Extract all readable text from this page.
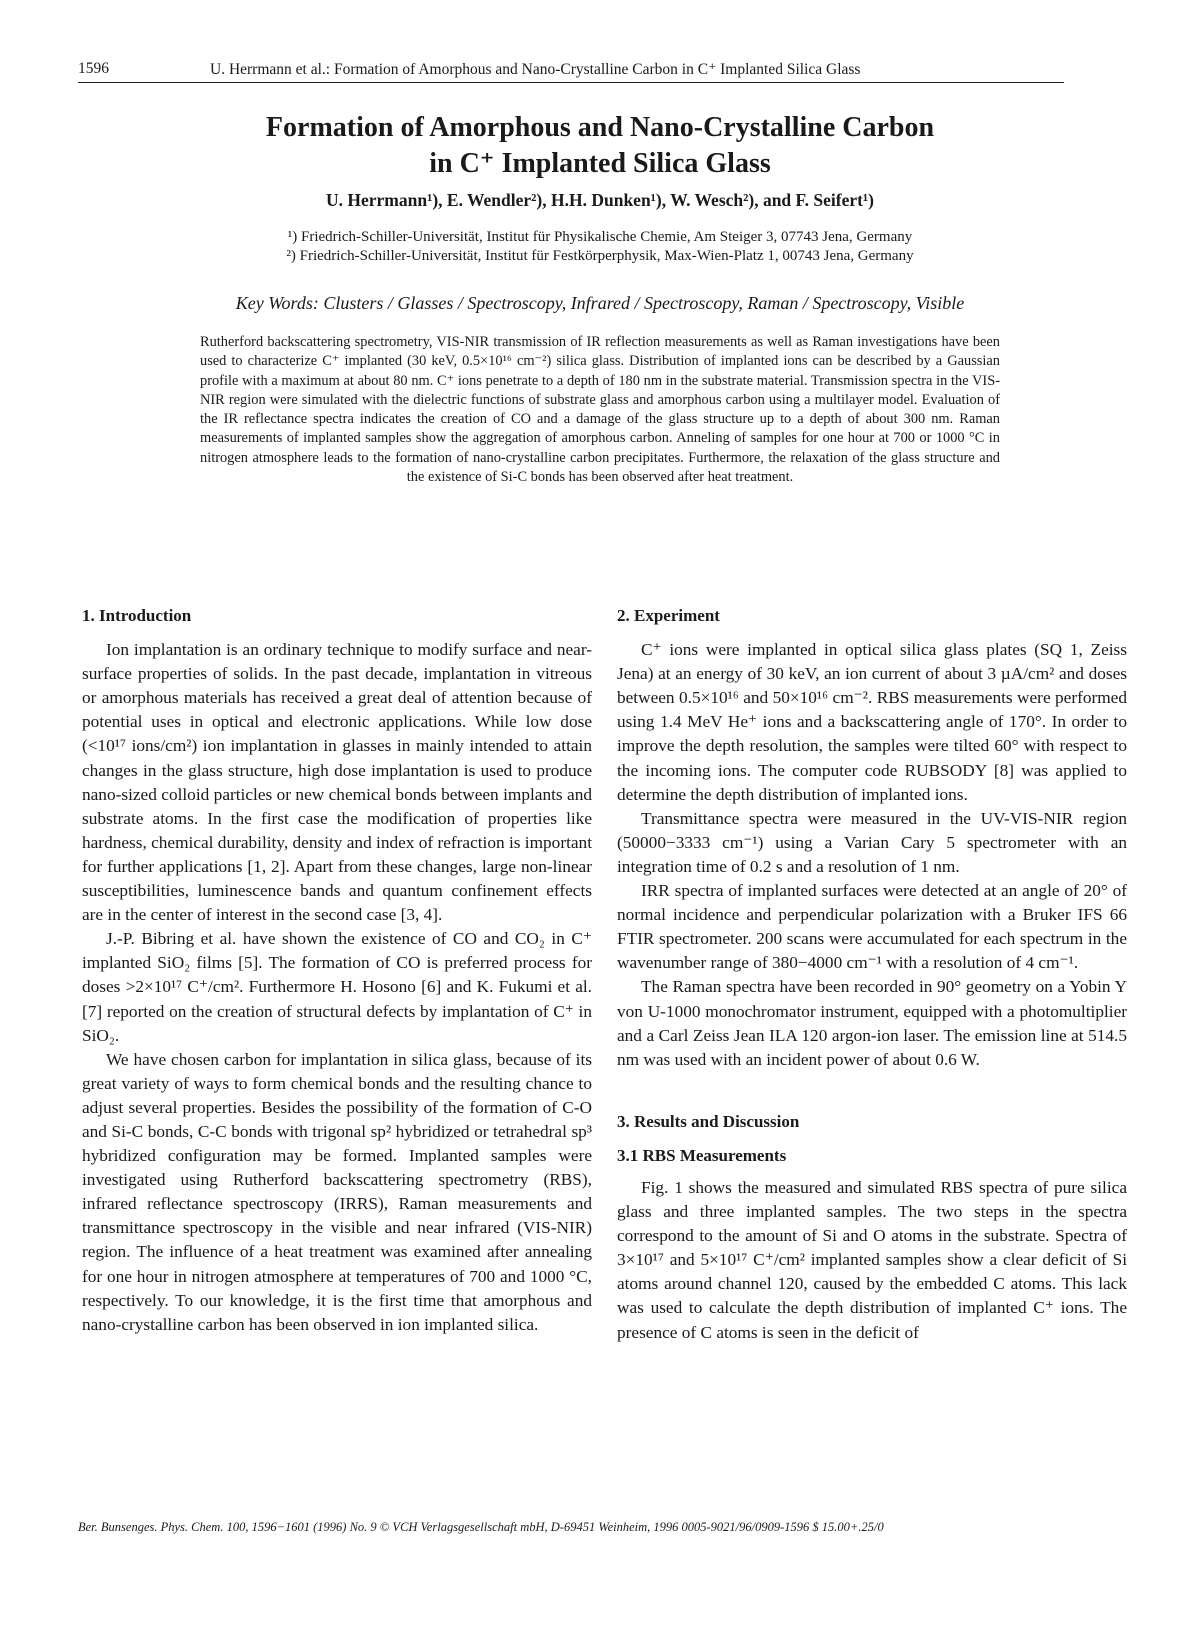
1596	U. Herrmann et al.: Formation of Amorphous and Nano-Crystalline Carbon in C⁺ Implanted Silica Glass
Formation of Amorphous and Nano-Crystalline Carbon
in C⁺ Implanted Silica Glass
U. Herrmann¹), E. Wendler²), H.H. Dunken¹), W. Wesch²), and F. Seifert¹)
¹) Friedrich-Schiller-Universität, Institut für Physikalische Chemie, Am Steiger 3, 07743 Jena, Germany
²) Friedrich-Schiller-Universität, Institut für Festkörperphysik, Max-Wien-Platz 1, 00743 Jena, Germany
Key Words: Clusters / Glasses / Spectroscopy, Infrared / Spectroscopy, Raman / Spectroscopy, Visible
Rutherford backscattering spectrometry, VIS-NIR transmission of IR reflection measurements as well as Raman investigations have been used to characterize C⁺ implanted (30 keV, 0.5×10¹⁶ cm⁻²) silica glass. Distribution of implanted ions can be described by a Gaussian profile with a maximum at about 80 nm. C⁺ ions penetrate to a depth of 180 nm in the substrate material. Transmission spectra in the VIS-NIR region were simulated with the dielectric functions of substrate glass and amorphous carbon using a multilayer model. Evaluation of the IR reflectance spectra indicates the creation of CO and a damage of the glass structure up to a depth of about 300 nm. Raman measurements of implanted samples show the aggregation of amorphous carbon. Anneling of samples for one hour at 700 or 1000 °C in nitrogen atmosphere leads to the formation of nano-crystalline carbon precipitates. Furthermore, the relaxation of the glass structure and the existence of Si-C bonds has been observed after heat treatment.
1. Introduction

Ion implantation is an ordinary technique to modify surface and near-surface properties of solids. In the past decade, implantation in vitreous or amorphous materials has received a great deal of attention because of potential uses in optical and electronic applications. While low dose (<10¹⁷ ions/cm²) ion implantation in glasses in mainly intended to attain changes in the glass structure, high dose implantation is used to produce nano-sized colloid particles or new chemical bonds between implants and substrate atoms. In the first case the modification of properties like hardness, chemical durability, density and index of refraction is important for further applications [1, 2]. Apart from these changes, large non-linear susceptibilities, luminescence bands and quantum confinement effects are in the center of interest in the second case [3, 4].

J.-P. Bibring et al. have shown the existence of CO and CO₂ in C⁺ implanted SiO₂ films [5]. The formation of CO is preferred process for doses >2×10¹⁷ C⁺/cm². Furthermore H. Hosono [6] and K. Fukumi et al. [7] reported on the creation of structural defects by implantation of C⁺ in SiO₂.

We have chosen carbon for implantation in silica glass, because of its great variety of ways to form chemical bonds and the resulting chance to adjust several properties. Besides the possibility of the formation of C-O and Si-C bonds, C-C bonds with trigonal sp² hybridized or tetrahedral sp³ hybridized configuration may be formed. Implanted samples were investigated using Rutherford backscattering spectrometry (RBS), infrared reflectance spectroscopy (IRRS), Raman measurements and transmittance spectroscopy in the visible and near infrared (VIS-NIR) region. The influence of a heat treatment was examined after annealing for one hour in nitrogen atmosphere at temperatures of 700 and 1000 °C, respectively. To our knowledge, it is the first time that amorphous and nano-crystalline carbon has been observed in ion implanted silica.

2. Experiment

C⁺ ions were implanted in optical silica glass plates (SQ 1, Zeiss Jena) at an energy of 30 keV, an ion current of about 3 µA/cm² and doses between 0.5×10¹⁶ and 50×10¹⁶ cm⁻². RBS measurements were performed using 1.4 MeV He⁺ ions and a backscattering angle of 170°. In order to improve the depth resolution, the samples were tilted 60° with respect to the incoming ions. The computer code RUBSODY [8] was applied to determine the depth distribution of implanted ions.

Transmittance spectra were measured in the UV-VIS-NIR region (50000−3333 cm⁻¹) using a Varian Cary 5 spectrometer with an integration time of 0.2 s and a resolution of 1 nm.

IRR spectra of implanted surfaces were detected at an angle of 20° of normal incidence and perpendicular polarization with a Bruker IFS 66 FTIR spectrometer. 200 scans were accumulated for each spectrum in the wavenumber range of 380−4000 cm⁻¹ with a resolution of 4 cm⁻¹.

The Raman spectra have been recorded in 90° geometry on a Yobin Y von U-1000 monochromator instrument, equipped with a photomultiplier and a Carl Zeiss Jean ILA 120 argon-ion laser. The emission line at 514.5 nm was used with an incident power of about 0.6 W.

3. Results and Discussion
3.1 RBS Measurements

Fig. 1 shows the measured and simulated RBS spectra of pure silica glass and three implanted samples. The two steps in the spectra correspond to the amount of Si and O atoms in the substrate. Spectra of 3×10¹⁷ and 5×10¹⁷ C⁺/cm² implanted samples show a clear deficit of Si atoms around channel 120, caused by the embedded C atoms. This lack was used to calculate the depth distribution of implanted C⁺ ions. The presence of C atoms is seen in the deficit of

Ber. Bunsenges. Phys. Chem. 100, 1596−1601 (1996) No. 9 © VCH Verlagsgesellschaft mbH, D-69451 Weinheim, 1996 0005-9021/96/0909-1596 $ 15.00+.25/0
